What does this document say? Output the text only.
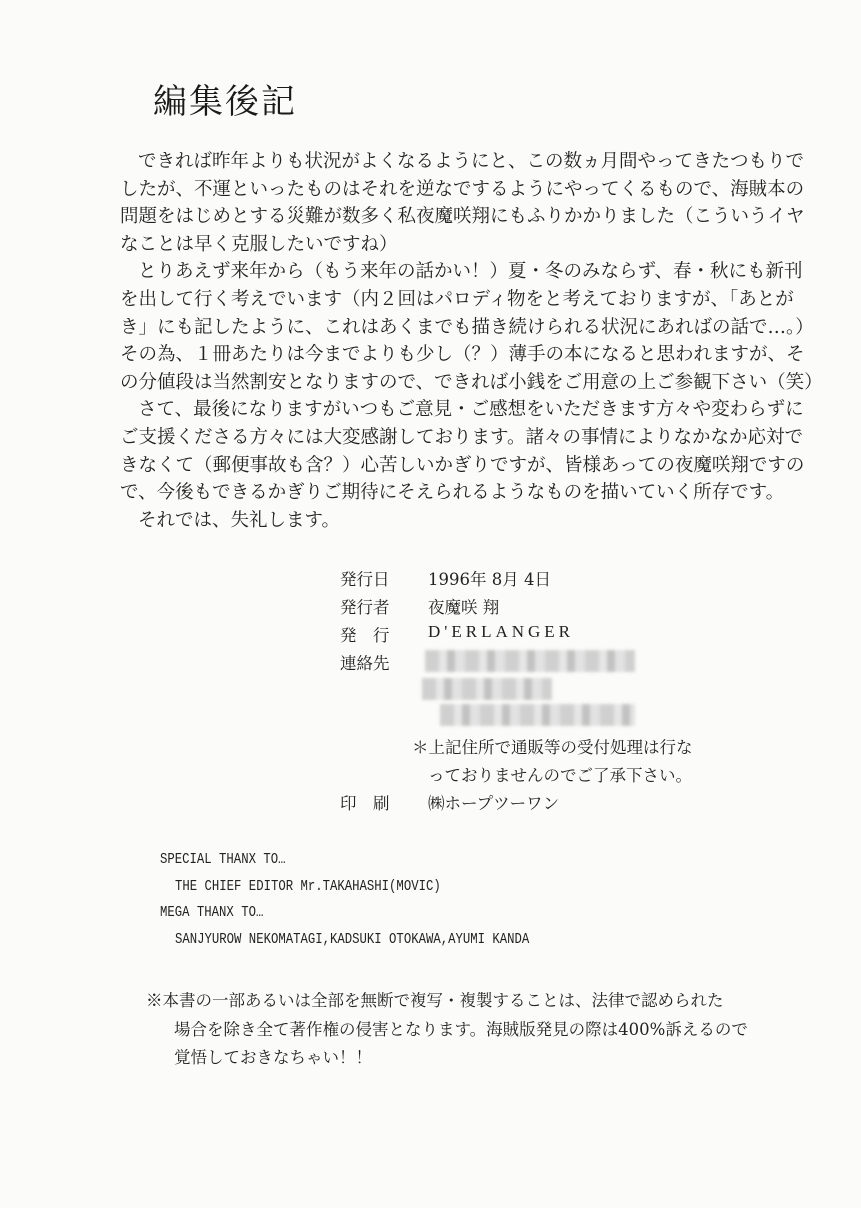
編集後記
できれば昨年よりも状況がよくなるようにと、この数ヵ月間やってきたつもりで
したが、不運といったものはそれを逆なでするようにやってくるもので、海賊本の
問題をはじめとする災難が数多く私夜魔咲翔にもふりかかりました（こういうイヤ
なことは早く克服したいですね）
とりあえず来年から（もう来年の話かい！）夏・冬のみならず、春・秋にも新刊
を出して行く考えでいます（内２回はパロディ物をと考えておりますが、「あとが
き」にも記したように、これはあくまでも描き続けられる状況にあればの話で…。）
その為、１冊あたりは今までよりも少し（？）薄手の本になると思われますが、そ
の分値段は当然割安となりますので、できれば小銭をご用意の上ご参観下さい（笑）
さて、最後になりますがいつもご意見・ご感想をいただきます方々や変わらずに
ご支援くださる方々には大変感謝しております。諸々の事情によりなかなか応対で
きなくて（郵便事故も含？）心苦しいかぎりですが、皆様あっての夜魔咲翔ですの
で、今後もできるかぎりご期待にそえられるようなものを描いていく所存です。
それでは、失礼します。
発行日 1996年 8月 4日
発行者 夜魔咲 翔
発　行 D'ERLANGER
連絡先
＊上記住所で通販等の受付処理は行な
っておりませんのでご了承下さい。
印　刷 ㈱ホープツーワン
SPECIAL THANX TO…
THE CHIEF EDITOR Mr.TAKAHASHI(MOVIC)
MEGA THANX TO…
SANJYUROW NEKOMATAGI,KADSUKI OTOKAWA,AYUMI KANDA
※本書の一部あるいは全部を無断で複写・複製することは、法律で認められた
場合を除き全て著作権の侵害となります。海賊版発見の際は400%訴えるので
覚悟しておきなちゃい！！
